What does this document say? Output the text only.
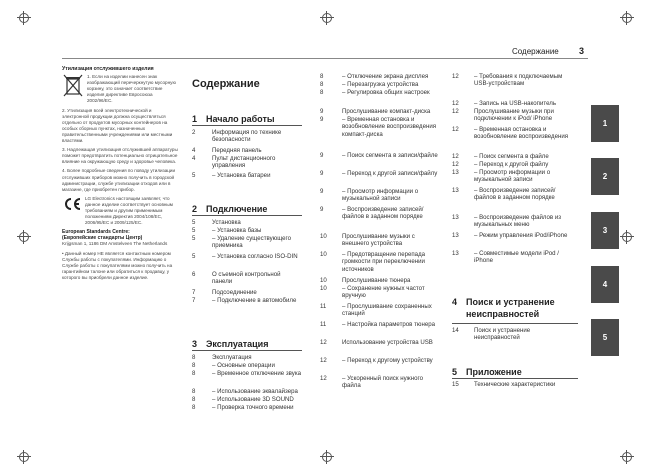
Содержание 3

Утилизация отслужившего изделия

1. Если на изделии нанесен знак изображающий перечеркнутую мусорную корзину, это означает соответствие изделия директиве Евросоюза 2002/96/EC.

2. Утилизация всей электротехнической и электронной продукции должна осуществляться отдельно от продуктов мусорных контейнеров на особых сборных пунктах, назначенных правительственными учреждениями или местными властями.

3. Надлежащая утилизация отслужившей аппаратуры поможет предотвратить потенциально отрицательное влияние на окружающую среду и здоровье человека.

4. Более подробные сведения по поводу утилизации отслуживших приборов можно получить в городской администрации, службе утилизации отходов или в магазине, где приобретен прибор.

LG Electronics настоящим заявляет, что данное изделие соответствует основным требованиям и другим применимым положениям Директив 2004/108/EC, 2006/95/EC и 2009/125/EC.

European Standards Centre:

(Европейские стандарты Центр)

Krijgsman 1, 1186 DM Amstelveen The Netherlands

• Данный номер НЕ является контактным номером Службы работы с покупателями. Информацию о Службе работы с покупателями можно получить на гарантийном талоне или обратиться к продавцу, у которого вы приобрели данное изделие.

Содержание
1 Начало работы
2 Подключение
3 Эксплуатация
4 Поиск и устранение неисправностей
5 Приложение
2	Информация по технике безопасности
4	Передняя панель
4	Пульт дистанционного управления
5	– Установка батареи
5	Установка
5	– Установка базы
5	– Удаление существующего приемника
5	– Установка согласно ISO-DIN
6	О съемной контрольной панели
7	Подсоединение
7	– Подключение в автомобиле
8	Эксплуатация
8	– Основные операции
8	– Временное отключение звука
8	– Использование эквалайзера
8	– Использование 3D SOUND
8	– Проверка точного времени
8	– Отключение экрана дисплея
8	– Перезагрузка устройства
8	– Регулировка общих настроек
9	Прослушивание компакт-диска
9	– Временная остановка и возобновление воспроизведения компакт-диска
9	– Поиск сегмента в записи/файле
9	– Переход к другой записи/файлу
9	– Просмотр информации о музыкальной записи
9	– Воспроизведение записей/файлов в заданном порядке
10 Прослушивание музыки с внешнего устройства
10 – Предотвращение перепада громкости при переключении источников
10 Прослушивание тюнера
10 – Сохранение нужных частот вручную
11	– Прослушивание сохраненных станций
11	– Настройка параметров тюнера
12 Использование устройства USB
12 – Переход к другому устройству
12 – Ускоренный поиск нужного файла
12 – Требования к подключаемым USB-устройствам
12 – Запись на USB-накопитель
12 Прослушивание музыки при подключении к iPod/ iPhone
12 – Временная остановка и возобновление воспроизведения
12 – Поиск сегмента в файле
12 – Переход к другой файлу
13 – Просмотр информации о музыкальной записи
13 – Воспроизведение записей/файлов в заданном порядке
13 – Воспроизведение файлов из музыкальных меню
13 – Режим управления iPod/iPhone
13 – Совместимые модели iPod / iPhone
14 Поиск и устранение неисправностей
15 Технические характеристики
1
2
3
4
5
